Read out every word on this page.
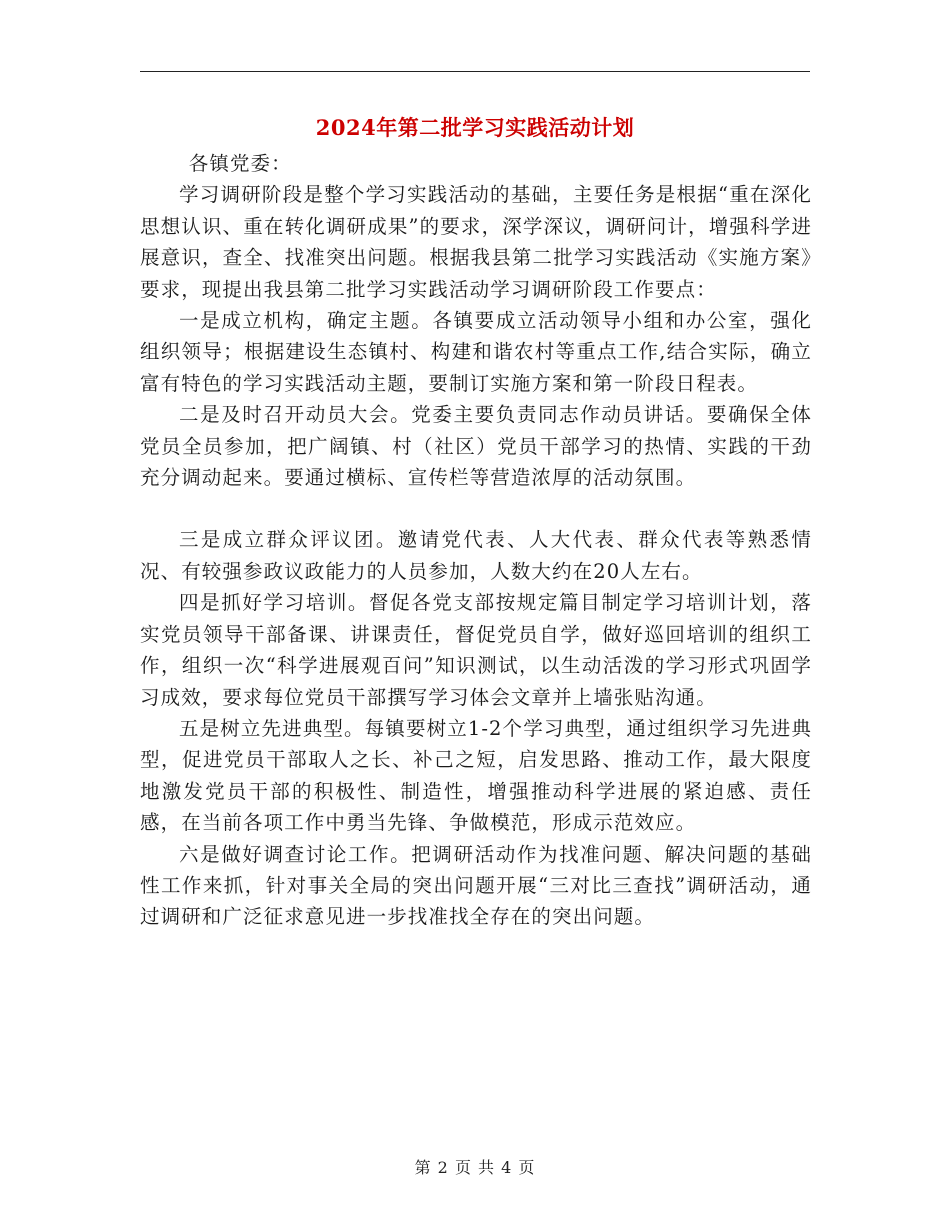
2024年第二批学习实践活动计划

各镇党委：

学习调研阶段是整个学习实践活动的基础，主要任务是根据“重在深化思想认识、重在转化调研成果”的要求，深学深议，调研问计，增强科学进展意识，查全、找准突出问题。根据我县第二批学习实践活动《实施方案》要求，现提出我县第二批学习实践活动学习调研阶段工作要点：

一是成立机构，确定主题。各镇要成立活动领导小组和办公室，强化组织领导；根据建设生态镇村、构建和谐农村等重点工作,结合实际，确立富有特色的学习实践活动主题，要制订实施方案和第一阶段日程表。

二是及时召开动员大会。党委主要负责同志作动员讲话。要确保全体党员全员参加，把广阔镇、村（社区）党员干部学习的热情、实践的干劲充分调动起来。要通过横标、宣传栏等营造浓厚的活动氛围。

三是成立群众评议团。邀请党代表、人大代表、群众代表等熟悉情况、有较强参政议政能力的人员参加，人数大约在20人左右。

四是抓好学习培训。督促各党支部按规定篇目制定学习培训计划，落实党员领导干部备课、讲课责任，督促党员自学，做好巡回培训的组织工作，组织一次“科学进展观百问”知识测试，以生动活泼的学习形式巩固学习成效，要求每位党员干部撰写学习体会文章并上墙张贴沟通。

五是树立先进典型。每镇要树立1-2个学习典型，通过组织学习先进典型，促进党员干部取人之长、补己之短，启发思路、推动工作，最大限度地激发党员干部的积极性、制造性，增强推动科学进展的紧迫感、责任感，在当前各项工作中勇当先锋、争做模范，形成示范效应。

六是做好调查讨论工作。把调研活动作为找准问题、解决问题的基础性工作来抓，针对事关全局的突出问题开展“三对比三查找”调研活动，通过调研和广泛征求意见进一步找准找全存在的突出问题。

第 2 页 共 4 页
